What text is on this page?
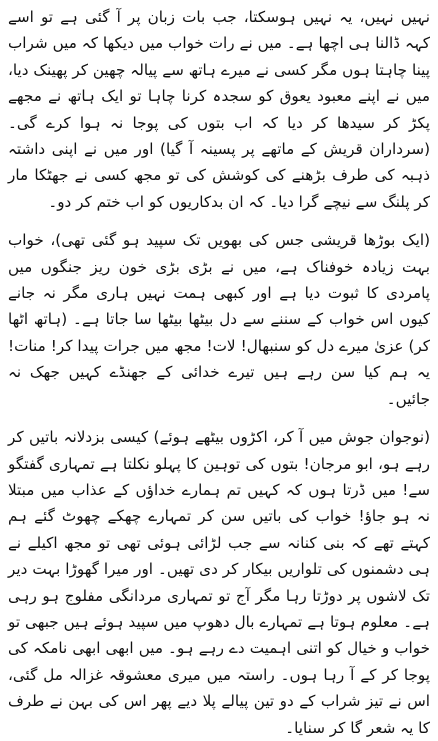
نہیں نہیں، یہ نہیں ہوسکتا، جب بات زبان پر آ گئی ہے تو اسے کہہ ڈالنا ہی اچھا ہے۔ میں نے رات خواب میں دیکھا کہ میں شراب پینا چاہتا ہوں مگر کسی نے میرے ہاتھ سے پیالہ چھین کر پھینک دیا، میں نے اپنے معبود یعوق کو سجدہ کرنا چاہا تو ایک ہاتھ نے مجھے پکڑ کر سیدھا کر دیا کہ اب بتوں کی پوجا نہ ہوا کرے گی۔ (سرداران قریش کے ماتھے پر پسینہ آ گیا) اور میں نے اپنی داشتہ ذہبہ کی طرف بڑھنے کی کوشش کی تو مجھ کسی نے جھٹکا مار کر پلنگ سے نیچے گرا دیا۔ کہ ان بدکاریوں کو اب ختم کر دو۔

(ایک بوڑھا قریشی جس کی بھویں تک سپید ہو گئی تھی)، خواب بہت زیادہ خوفناک ہے، میں نے بڑی بڑی خون ریز جنگوں میں پامردی کا ثبوت دیا ہے اور کبھی ہمت نہیں ہاری مگر نہ جانے کیوں اس خواب کے سننے سے دل بیٹھا بیٹھا سا جاتا ہے۔ (ہاتھ اٹھا کر) عزیٰ میرے دل کو سنبھال! لات! مجھ میں جرات پیدا کر! منات! یہ ہم کیا سن رہے ہیں تیرے خدائی کے جھنڈے کہیں جھک نہ جائیں۔

(نوجوان جوش میں آ کر، اکڑوں بیٹھے ہوئے) کیسی بزدلانہ باتیں کر رہے ہو، ابو مرجان! بتوں کی توہین کا پہلو نکلتا ہے تمہاری گفتگو سے! میں ڈرتا ہوں کہ کہیں تم ہمارے خداؤں کے عذاب میں مبتلا نہ ہو جاؤ! خواب کی باتیں سن کر تمہارے چھکے چھوٹ گئے ہم کہتے تھے کہ بنی کنانہ سے جب لڑائی ہوئی تھی تو مجھ اکیلے نے ہی دشمنوں کی تلواریں بیکار کر دی تھیں۔ اور میرا گھوڑا بہت دیر تک لاشوں پر دوڑتا رہا مگر آج تو تمہاری مردانگی مفلوج ہو رہی ہے۔ معلوم ہوتا ہے تمہارے بال دھوپ میں سپید ہوئے ہیں جبھی تو خواب و خیال کو اتنی اہمیت دے رہے ہو۔ میں ابھی ابھی نامکہ کی پوجا کر کے آ رہا ہوں۔ راستہ میں میری معشوقہ غزالہ مل گئی، اس نے تیز شراب کے دو تین پیالے پلا دیے پھر اس کی بہن نے طرف کا یہ شعر گا کر سنایا۔
